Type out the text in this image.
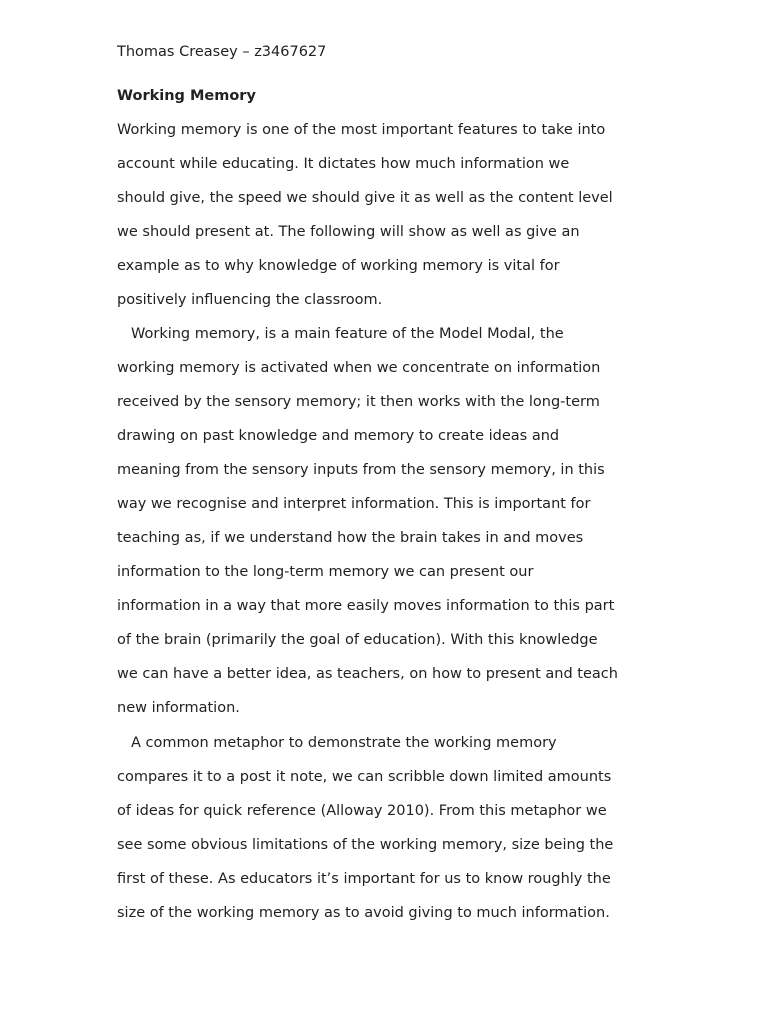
Thomas Creasey – z3467627
Working Memory
Working memory is one of the most important features to take into
account while educating. It dictates how much information we
should give, the speed we should give it as well as the content level
we should present at. The following will show as well as give an
example as to why knowledge of working memory is vital for
positively influencing the classroom.
Working memory, is a main feature of the Model Modal, the
working memory is activated when we concentrate on information
received by the sensory memory; it then works with the long-term
drawing on past knowledge and memory to create ideas and
meaning from the sensory inputs from the sensory memory, in this
way we recognise and interpret information. This is important for
teaching as, if we understand how the brain takes in and moves
information to the long-term memory we can present our
information in a way that more easily moves information to this part
of the brain (primarily the goal of education). With this knowledge
we can have a better idea, as teachers, on how to present and teach
new information.
A common metaphor to demonstrate the working memory
compares it to a post it note, we can scribble down limited amounts
of ideas for quick reference (Alloway 2010). From this metaphor we
see some obvious limitations of the working memory, size being the
first of these. As educators it’s important for us to know roughly the
size of the working memory as to avoid giving to much information.
